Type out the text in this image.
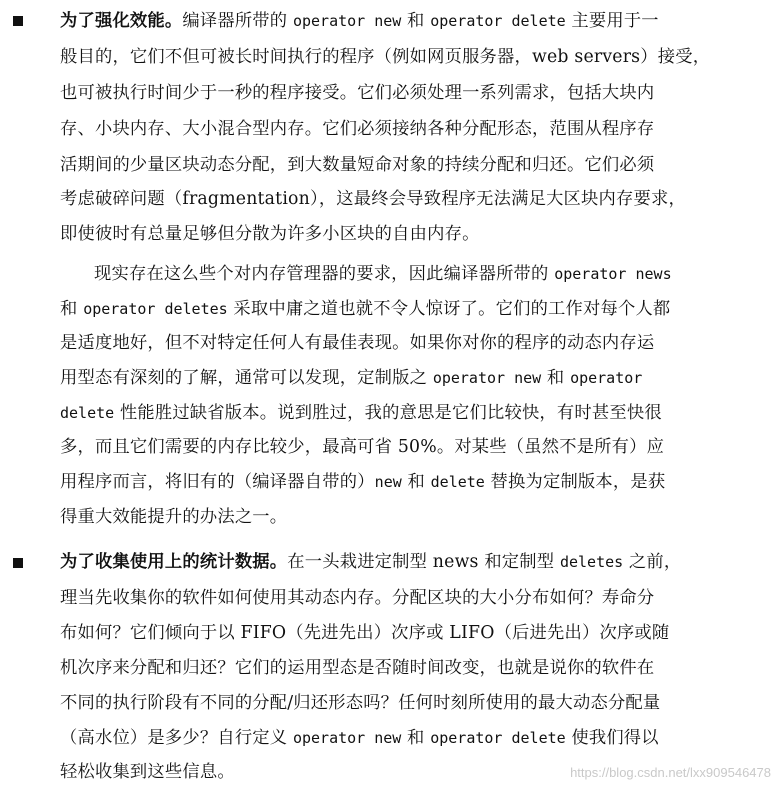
为了强化效能。编译器所带的 operator new 和 operator delete 主要用于一
般目的，它们不但可被长时间执行的程序（例如网页服务器，web servers）接受，
也可被执行时间少于一秒的程序接受。它们必须处理一系列需求，包括大块内
存、小块内存、大小混合型内存。它们必须接纳各种分配形态，范围从程序存
活期间的少量区块动态分配，到大数量短命对象的持续分配和归还。它们必须
考虑破碎问题（fragmentation），这最终会导致程序无法满足大区块内存要求，
即使彼时有总量足够但分散为许多小区块的自由内存。
现实存在这么些个对内存管理器的要求，因此编译器所带的 operator news
和 operator deletes 采取中庸之道也就不令人惊讶了。它们的工作对每个人都
是适度地好，但不对特定任何人有最佳表现。如果你对你的程序的动态内存运
用型态有深刻的了解，通常可以发现，定制版之 operator new 和 operator
delete 性能胜过缺省版本。说到胜过，我的意思是它们比较快，有时甚至快很
多，而且它们需要的内存比较少，最高可省 50%。对某些（虽然不是所有）应
用程序而言，将旧有的（编译器自带的）new 和 delete 替换为定制版本，是获
得重大效能提升的办法之一。
为了收集使用上的统计数据。在一头栽进定制型 news 和定制型 deletes 之前，
理当先收集你的软件如何使用其动态内存。分配区块的大小分布如何？寿命分
布如何？它们倾向于以 FIFO（先进先出）次序或 LIFO（后进先出）次序或随
机次序来分配和归还？它们的运用型态是否随时间改变，也就是说你的软件在
不同的执行阶段有不同的分配/归还形态吗？任何时刻所使用的最大动态分配量
（高水位）是多少？自行定义 operator new 和 operator delete 使我们得以
轻松收集到这些信息。	https://blog.csdn.net/lxx909546478
